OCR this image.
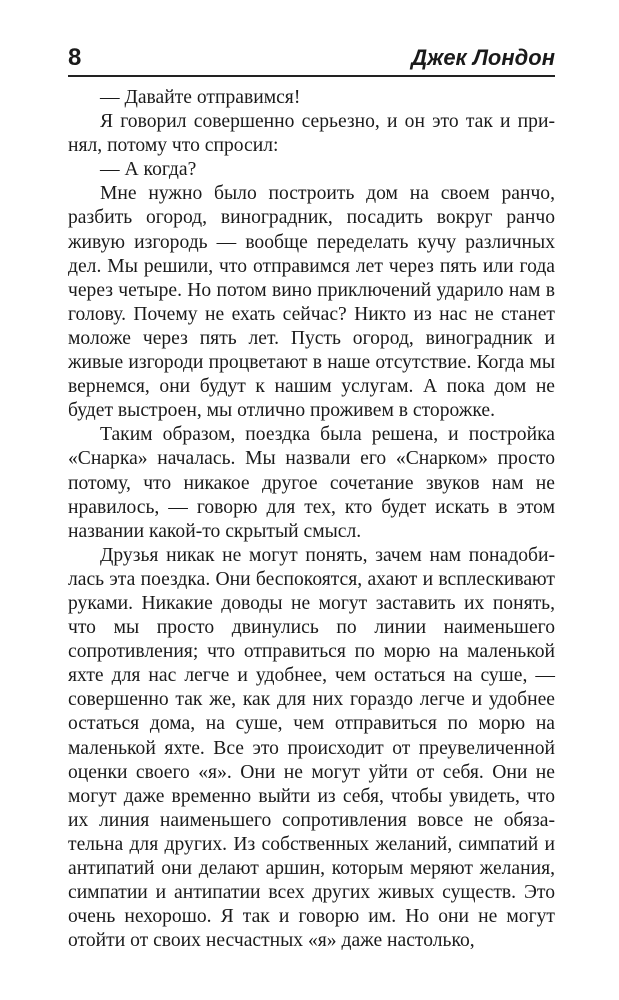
8	Джек Лондон

— Давайте отправимся!

Я говорил совершенно серьезно, и он это так и принял, потому что спросил:

— А когда?

Мне нужно было построить дом на своем ранчо, разбить огород, виноградник, посадить вокруг ранчо живую изгородь — вообще переделать кучу различных дел. Мы решили, что отправимся лет через пять или года через четыре. Но потом вино приключений ударило нам в голову. Почему не ехать сейчас? Никто из нас не станет моложе через пять лет. Пусть огород, виноградник и живые изгороди процветают в наше отсутствие. Когда мы вернемся, они будут к нашим услугам. А пока дом не будет выстроен, мы отлично проживем в сторожке.

Таким образом, поездка была решена, и постройка «Снарка» началась. Мы назвали его «Снарком» просто потому, что никакое другое сочетание звуков нам не нравилось, — говорю для тех, кто будет искать в этом названии какой-то скрытый смысл.

Друзья никак не могут понять, зачем нам понадобилась эта поездка. Они беспокоятся, ахают и всплескивают руками. Никакие доводы не могут заставить их понять, что мы просто двинулись по линии наименьшего сопротивления; что отправиться по морю на маленькой яхте для нас легче и удобнее, чем остаться на суше, — совершенно так же, как для них гораздо легче и удобнее остаться дома, на суше, чем отправиться по морю на маленькой яхте. Все это происходит от преувеличенной оценки своего «я». Они не могут уйти от себя. Они не могут даже временно выйти из себя, чтобы увидеть, что их линия наименьшего сопротивления вовсе не обязательна для других. Из собственных желаний, симпатий и антипатий они делают аршин, которым меряют желания, симпатии и антипатии всех других живых существ. Это очень нехорошо. Я так и говорю им. Но они не могут отойти от своих несчастных «я» даже настолько,
